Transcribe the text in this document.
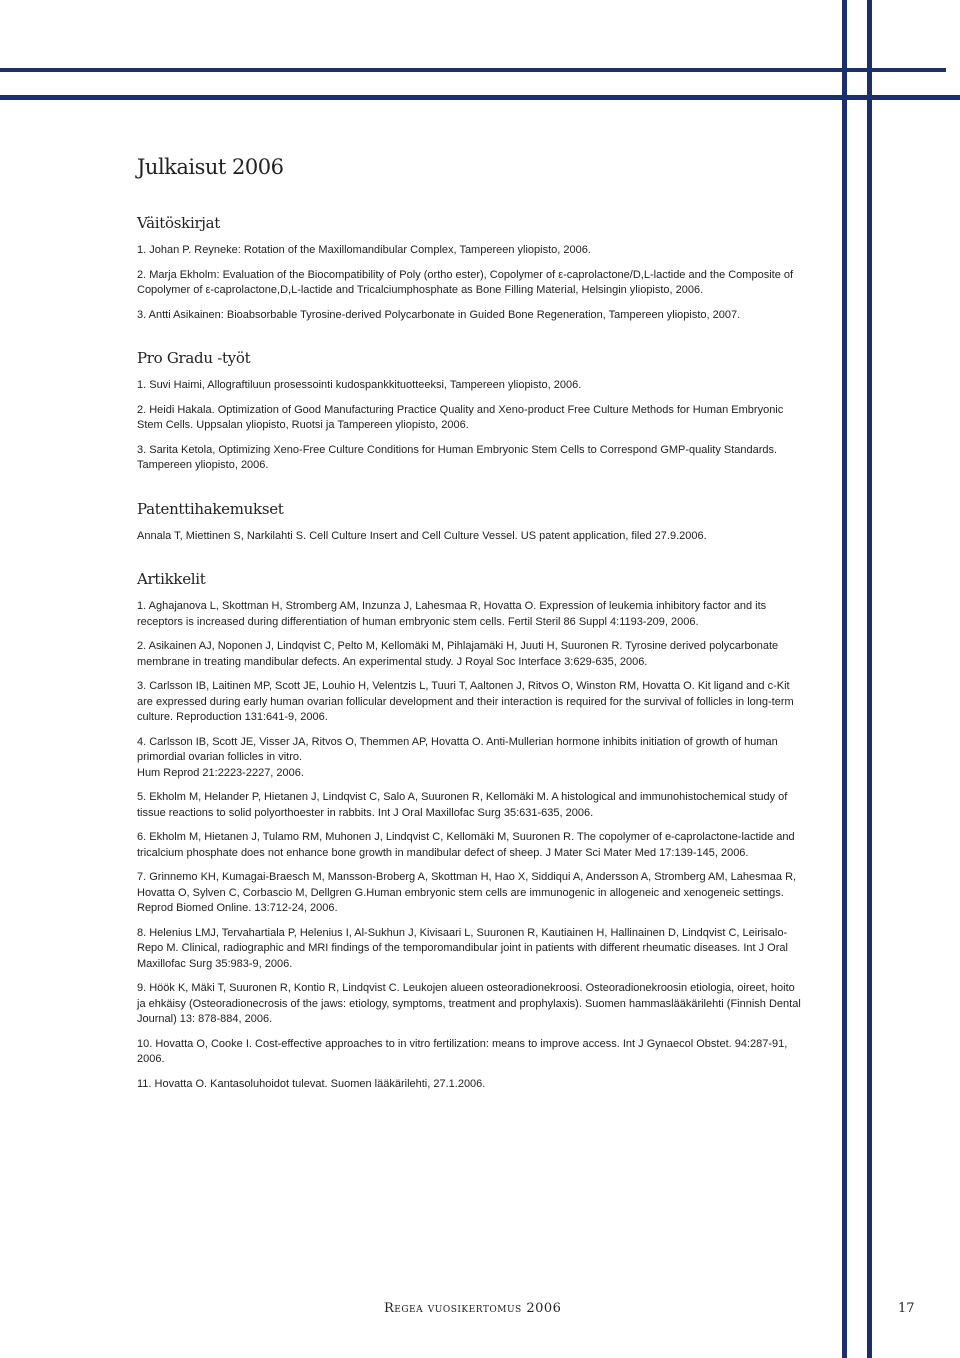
Julkaisut 2006
Väitöskirjat

1. Johan P. Reyneke: Rotation of the Maxillomandibular Complex, Tampereen yliopisto, 2006.

2. Marja Ekholm: Evaluation of the Biocompatibility of Poly (ortho ester), Copolymer of ε-caprolactone/D,L-lactide and the Composite of Copolymer of ε-caprolactone,D,L-lactide and Tricalciumphosphate as Bone Filling Material, Helsingin yliopisto, 2006.

3. Antti Asikainen: Bioabsorbable Tyrosine-derived Polycarbonate in Guided Bone Regeneration, Tampereen yliopisto, 2007.

Pro Gradu -työt

1. Suvi Haimi, Allograftiluun prosessointi kudospankkituotteeksi, Tampereen yliopisto, 2006.

2. Heidi Hakala. Optimization of Good Manufacturing Practice Quality and Xeno-product Free Culture Methods for Human Embryonic Stem Cells. Uppsalan yliopisto, Ruotsi ja Tampereen yliopisto, 2006.

3. Sarita Ketola, Optimizing Xeno-Free Culture Conditions for Human Embryonic Stem Cells to Correspond GMP-quality Standards. Tampereen yliopisto, 2006.

Patenttihakemukset

Annala T, Miettinen S, Narkilahti S. Cell Culture Insert and Cell Culture Vessel. US patent application, filed 27.9.2006.

Artikkelit

1. Aghajanova L, Skottman H, Stromberg AM, Inzunza J, Lahesmaa R, Hovatta O. Expression of leukemia inhibitory factor and its receptors is increased during differentiation of human embryonic stem cells. Fertil Steril 86 Suppl 4:1193-209, 2006.

2. Asikainen AJ, Noponen J, Lindqvist C, Pelto M, Kellomäki M, Pihlajamäki H, Juuti H, Suuronen R. Tyrosine derived polycarbonate membrane in treating mandibular defects. An experimental study. J Royal Soc Interface 3:629-635, 2006.

3. Carlsson IB, Laitinen MP, Scott JE, Louhio H, Velentzis L, Tuuri T, Aaltonen J, Ritvos O, Winston RM, Hovatta O. Kit ligand and c-Kit are expressed during early human ovarian follicular development and their interaction is required for the survival of follicles in long-term culture. Reproduction 131:641-9, 2006.

4. Carlsson IB, Scott JE, Visser JA, Ritvos O, Themmen AP, Hovatta O. Anti-Mullerian hormone inhibits initiation of growth of human primordial ovarian follicles in vitro.
Hum Reprod 21:2223-2227, 2006.

5. Ekholm M, Helander P, Hietanen J, Lindqvist C, Salo A, Suuronen R, Kellomäki M. A histological and immunohistochemical study of tissue reactions to solid polyorthoester in rabbits. Int J Oral Maxillofac Surg 35:631-635, 2006.

6. Ekholm M, Hietanen J, Tulamo RM, Muhonen J, Lindqvist C, Kellomäki M, Suuronen R. The copolymer of e-caprolactone-lactide and tricalcium phosphate does not enhance bone growth in mandibular defect of sheep. J Mater Sci Mater Med 17:139-145, 2006.

7. Grinnemo KH, Kumagai-Braesch M, Mansson-Broberg A, Skottman H, Hao X, Siddiqui A, Andersson A, Stromberg AM, Lahesmaa R, Hovatta O, Sylven C, Corbascio M, Dellgren G.Human embryonic stem cells are immunogenic in allogeneic and xenogeneic settings. Reprod Biomed Online. 13:712-24, 2006.

8. Helenius LMJ, Tervahartiala P, Helenius I, Al-Sukhun J, Kivisaari L, Suuronen R, Kautiainen H, Hallinainen D, Lindqvist C, Leirisalo-Repo M. Clinical, radiographic and MRI findings of the temporomandibular joint in patients with different rheumatic diseases. Int J Oral Maxillofac Surg 35:983-9, 2006.

9. Höök K, Mäki T, Suuronen R, Kontio R, Lindqvist C. Leukojen alueen osteoradionekroosi. Osteoradionekroosin etiologia, oireet, hoito ja ehkäisy (Osteoradionecrosis of the jaws: etiology, symptoms, treatment and prophylaxis). Suomen hammaslääkärilehti (Finnish Dental Journal) 13: 878-884, 2006.

10. Hovatta O, Cooke I. Cost-effective approaches to in vitro fertilization: means to improve access. Int J Gynaecol Obstet. 94:287-91, 2006.

11. Hovatta O. Kantasoluhoidot tulevat. Suomen lääkärilehti, 27.1.2006.

Regea vuosikertomus 2006	17
